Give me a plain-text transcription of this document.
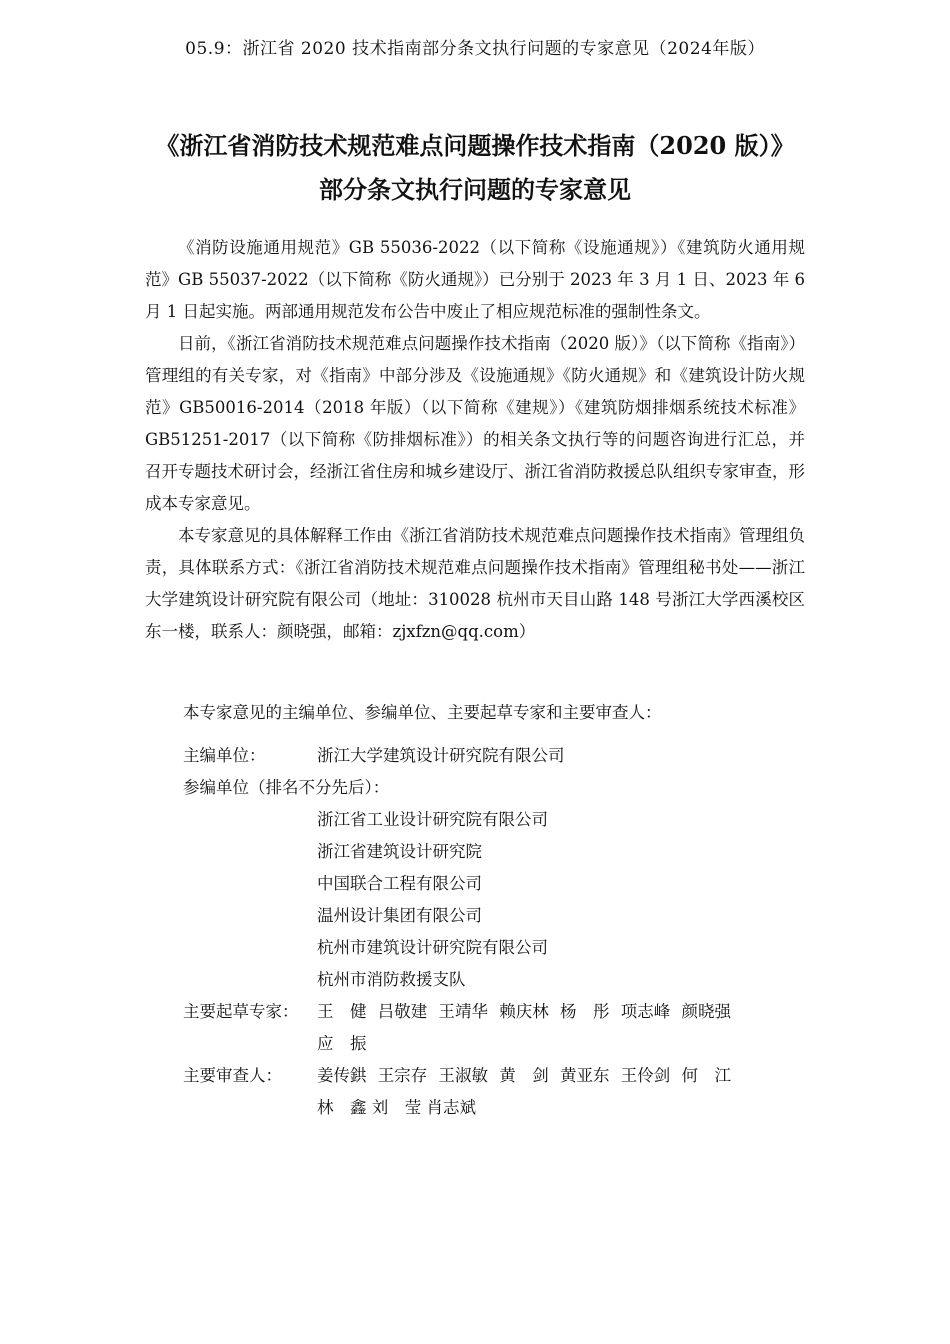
05.9：浙江省 2020 技术指南部分条文执行问题的专家意见（2024年版）
《浙江省消防技术规范难点问题操作技术指南（2020 版）》
部分条文执行问题的专家意见

《消防设施通用规范》GB 55036-2022（以下简称《设施通规》）《建筑防火通用规范》GB 55037-2022（以下简称《防火通规》）已分别于 2023 年 3 月 1 日、2023 年 6 月 1 日起实施。两部通用规范发布公告中废止了相应规范标准的强制性条文。

日前，《浙江省消防技术规范难点问题操作技术指南（2020 版）》（以下简称《指南》）管理组的有关专家，对《指南》中部分涉及《设施通规》《防火通规》和《建筑设计防火规范》GB50016-2014（2018 年版）（以下简称《建规》）《建筑防烟排烟系统技术标准》GB51251-2017（以下简称《防排烟标准》）的相关条文执行等的问题咨询进行汇总，并召开专题技术研讨会，经浙江省住房和城乡建设厅、浙江省消防救援总队组织专家审查，形成本专家意见。

本专家意见的具体解释工作由《浙江省消防技术规范难点问题操作技术指南》管理组负责，具体联系方式：《浙江省消防技术规范难点问题操作技术指南》管理组秘书处——浙江大学建筑设计研究院有限公司（地址：310028 杭州市天目山路 148 号浙江大学西溪校区东一楼，联系人：颜晓强，邮箱：zjxfzn@qq.com）

本专家意见的主编单位、参编单位、主要起草专家和主要审查人：
主编单位：	浙江大学建筑设计研究院有限公司
参编单位（排名不分先后）：
浙江省工业设计研究院有限公司
浙江省建筑设计研究院
中国联合工程有限公司
温州设计集团有限公司
杭州市建筑设计研究院有限公司
杭州市消防救援支队
主要起草专家：	王　健 吕敬建 王靖华 赖庆林 杨　彤 项志峰 颜晓强
应　振
主要审查人：	姜传鉷 王宗存 王淑敏 黄　剑 黄亚东 王伶剑 何　江
林　鑫 刘　莹 肖志斌
